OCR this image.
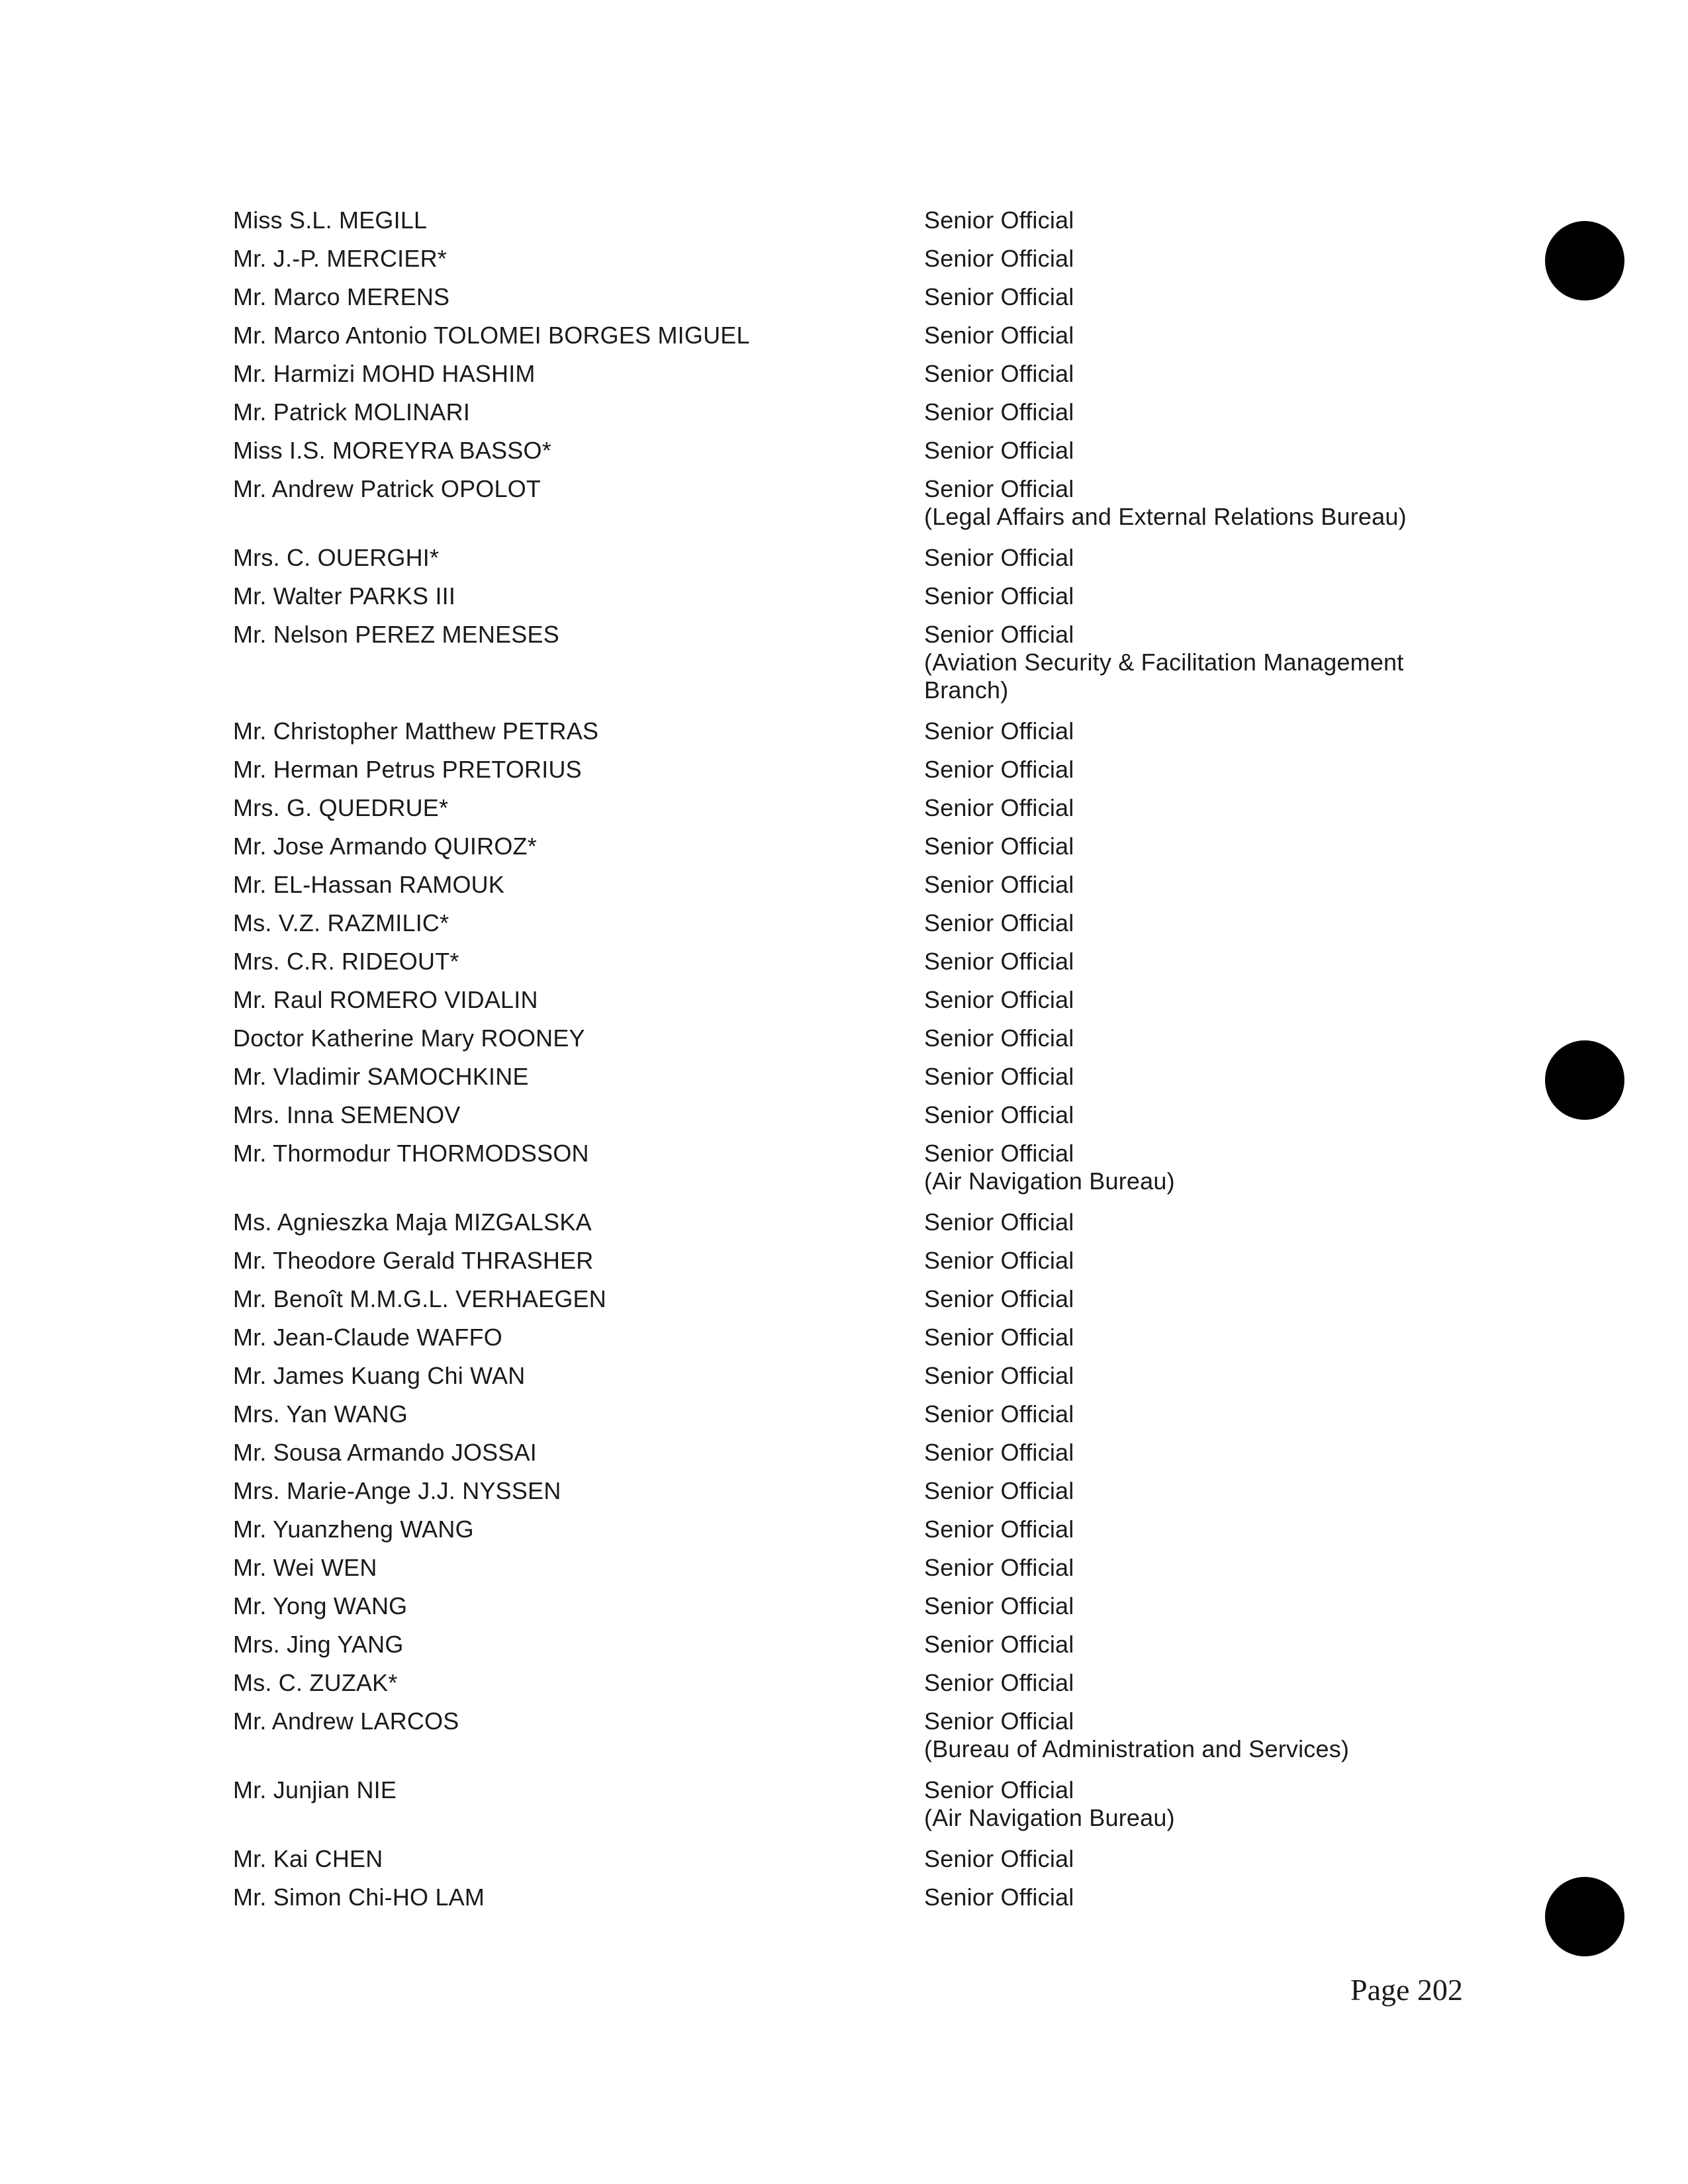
Miss S.L. MEGILL	Senior Official
Mr. J.-P. MERCIER*	Senior Official
Mr. Marco MERENS	Senior Official
Mr. Marco Antonio TOLOMEI BORGES MIGUEL	Senior Official
Mr. Harmizi MOHD HASHIM	Senior Official
Mr. Patrick MOLINARI	Senior Official
Miss I.S. MOREYRA BASSO*	Senior Official
Mr. Andrew Patrick OPOLOT	Senior Official
(Legal Affairs and External Relations Bureau)
Mrs. C. OUERGHI*	Senior Official
Mr. Walter PARKS III	Senior Official
Mr. Nelson PEREZ MENESES	Senior Official
(Aviation Security & Facilitation Management Branch)
Mr. Christopher Matthew PETRAS	Senior Official
Mr. Herman Petrus PRETORIUS	Senior Official
Mrs. G. QUEDRUE*	Senior Official
Mr. Jose Armando QUIROZ*	Senior Official
Mr. EL-Hassan RAMOUK	Senior Official
Ms. V.Z. RAZMILIC*	Senior Official
Mrs. C.R. RIDEOUT*	Senior Official
Mr. Raul ROMERO VIDALIN	Senior Official
Doctor Katherine Mary ROONEY	Senior Official
Mr. Vladimir SAMOCHKINE	Senior Official
Mrs. Inna SEMENOV	Senior Official
Mr. Thormodur THORMODSSON	Senior Official
(Air Navigation Bureau)
Ms. Agnieszka Maja MIZGALSKA	Senior Official
Mr. Theodore Gerald THRASHER	Senior Official
Mr. Benoît M.M.G.L. VERHAEGEN	Senior Official
Mr. Jean-Claude WAFFO	Senior Official
Mr. James Kuang Chi WAN	Senior Official
Mrs. Yan WANG	Senior Official
Mr. Sousa Armando JOSSAI	Senior Official
Mrs. Marie-Ange J.J. NYSSEN	Senior Official
Mr. Yuanzheng WANG	Senior Official
Mr. Wei WEN	Senior Official
Mr. Yong WANG	Senior Official
Mrs. Jing YANG	Senior Official
Ms. C. ZUZAK*	Senior Official
Mr. Andrew LARCOS	Senior Official
(Bureau of Administration and Services)
Mr. Junjian NIE	Senior Official
(Air Navigation Bureau)
Mr. Kai CHEN	Senior Official
Mr. Simon Chi-HO LAM	Senior Official
Page 202
